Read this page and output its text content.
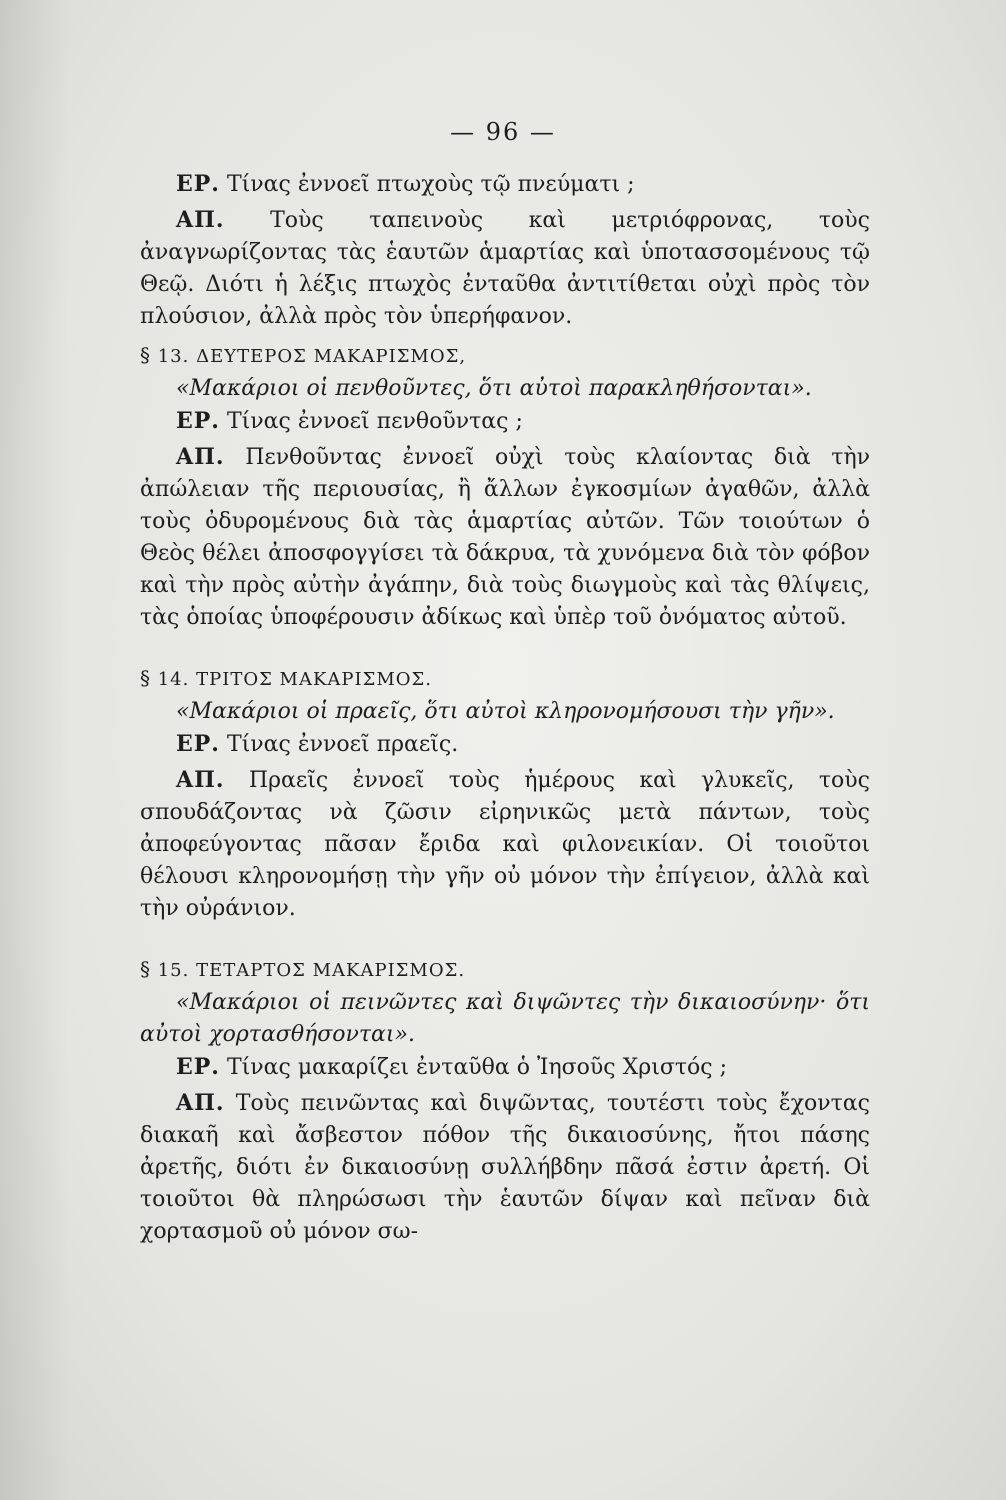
— 96 —

ΕΡ. Τίνας ἐννοεῖ πτωχοὺς τῷ πνεύματι ;

ΑΠ. Τοὺς ταπεινοὺς καὶ μετριόφρονας, τοὺς ἀναγνωρίζοντας τὰς ἑαυτῶν ἁμαρτίας καὶ ὑποτασσομένους τῷ Θεῷ. Διότι ἡ λέξις πτωχὸς ἐνταῦθα ἀντιτίθεται οὐχὶ πρὸς τὸν πλούσιον, ἀλλὰ πρὸς τὸν ὑπερήφανον.

§ 13. ΔΕΥΤΕΡΟΣ ΜΑΚΑΡΙΣΜΟΣ,

«Μακάριοι οἱ πενθοῦντες, ὅτι αὐτοὶ παρακληθήσονται».

ΕΡ. Τίνας ἐννοεῖ πενθοῦντας ;

ΑΠ. Πενθοῦντας ἐννοεῖ οὐχὶ τοὺς κλαίοντας διὰ τὴν ἀπώλειαν τῆς περιουσίας, ἢ ἄλλων ἐγκοσμίων ἀγαθῶν, ἀλλὰ τοὺς ὀδυρομένους διὰ τὰς ἁμαρτίας αὐτῶν. Τῶν τοιούτων ὁ Θεὸς θέλει ἀποσφογγίσει τὰ δάκρυα, τὰ χυνόμενα διὰ τὸν φόβον καὶ τὴν πρὸς αὐτὴν ἀγάπην, διὰ τοὺς διωγμοὺς καὶ τὰς θλίψεις, τὰς ὁποίας ὑποφέρουσιν ἀδίκως καὶ ὑπὲρ τοῦ ὀνόματος αὐτοῦ.

§ 14. ΤΡΙΤΟΣ ΜΑΚΑΡΙΣΜΟΣ.

«Μακάριοι οἱ πραεῖς, ὅτι αὐτοὶ κληρονομήσουσι τὴν γῆν».

ΕΡ. Τίνας ἐννοεῖ πραεῖς.

ΑΠ. Πραεῖς ἐννοεῖ τοὺς ἡμέρους καὶ γλυκεῖς, τοὺς σπουδάζοντας νὰ ζῶσιν εἰρηνικῶς μετὰ πάντων, τοὺς ἀποφεύγοντας πᾶσαν ἔριδα καὶ φιλονεικίαν. Οἱ τοιοῦτοι θέλουσι κληρονομήσῃ τὴν γῆν οὐ μόνον τὴν ἐπίγειον, ἀλλὰ καὶ τὴν οὐράνιον.

§ 15. ΤΕΤΑΡΤΟΣ ΜΑΚΑΡΙΣΜΟΣ.

«Μακάριοι οἱ πεινῶντες καὶ διψῶντες τὴν δικαιοσύνην· ὅτι αὐτοὶ χορτασθήσονται».

ΕΡ. Τίνας μακαρίζει ἐνταῦθα ὁ Ἰησοῦς Χριστός ;

ΑΠ. Τοὺς πεινῶντας καὶ διψῶντας, τουτέστι τοὺς ἔχοντας διακαῆ καὶ ἄσβεστον πόθον τῆς δικαιοσύνης, ἤτοι πάσης ἀρετῆς, διότι ἐν δικαιοσύνῃ συλλήβδην πᾶσά ἐστιν ἀρετή. Οἱ τοιοῦτοι θὰ πληρώσωσι τὴν ἑαυτῶν δίψαν καὶ πεῖναν διὰ χορτασμοῦ οὐ μόνον σω-
